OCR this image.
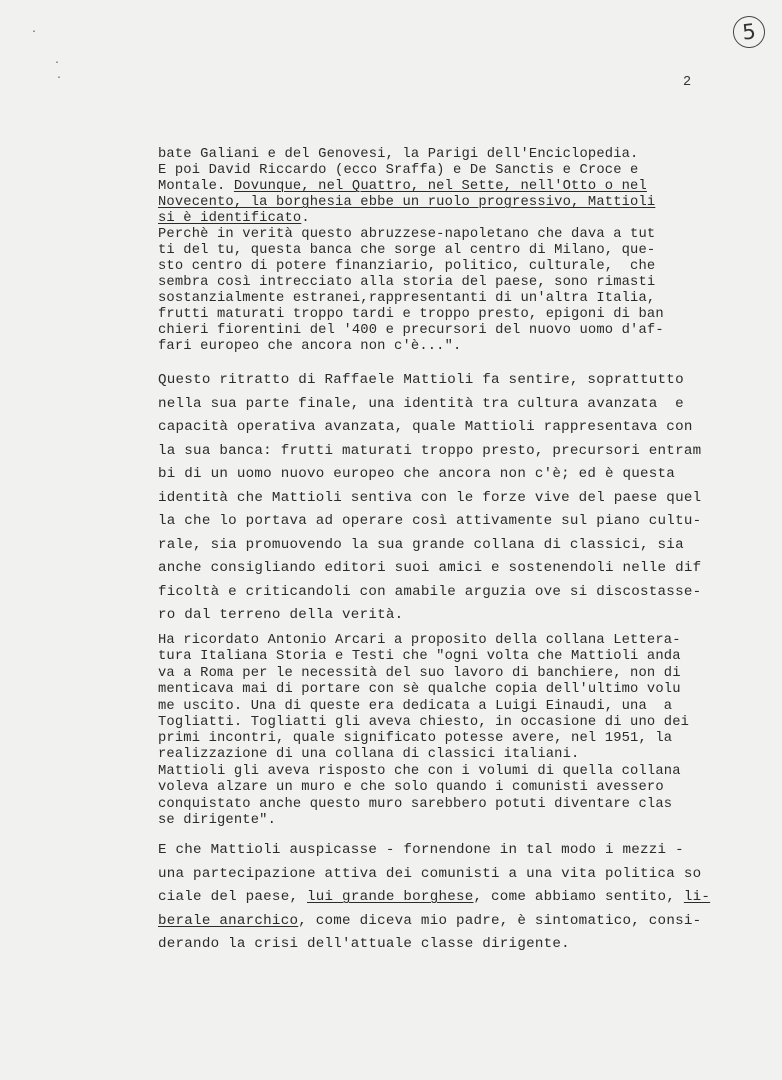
·
·
·
5
2
bate Galiani e del Genovesi, la Parigi dell'Enciclopedia.
E poi David Riccardo (ecco Sraffa) e De Sanctis e Croce e
Montale. Dovunque, nel Quattro, nel Sette, nell'Otto o nel
Novecento, la borghesia ebbe un ruolo progressivo, Mattioli
si è identificato.
Perchè in verità questo abruzzese-napoletano che dava a tut
ti del tu, questa banca che sorge al centro di Milano, que-
sto centro di potere finanziario, politico, culturale,  che
sembra così intrecciato alla storia del paese, sono rimasti
sostanzialmente estranei,rappresentanti di un'altra Italia,
frutti maturati troppo tardi e troppo presto, epigoni di ban
chieri fiorentini del '400 e precursori del nuovo uomo d'af-
fari europeo che ancora non c'è...".
Questo ritratto di Raffaele Mattioli fa sentire, soprattutto
nella sua parte finale, una identità tra cultura avanzata  e
capacità operativa avanzata, quale Mattioli rappresentava con
la sua banca: frutti maturati troppo presto, precursori entram
bi di un uomo nuovo europeo che ancora non c'è; ed è questa
identità che Mattioli sentiva con le forze vive del paese quel
la che lo portava ad operare così attivamente sul piano cultu-
rale, sia promuovendo la sua grande collana di classici, sia
anche consigliando editori suoi amici e sostenendoli nelle dif
ficoltà e criticandoli con amabile arguzia ove si discostasse-
ro dal terreno della verità.
Ha ricordato Antonio Arcari a proposito della collana Lettera-
tura Italiana Storia e Testi che "ogni volta che Mattioli anda
va a Roma per le necessità del suo lavoro di banchiere, non di
menticava mai di portare con sè qualche copia dell'ultimo volu
me uscito. Una di queste era dedicata a Luigi Einaudi, una  a
Togliatti. Togliatti gli aveva chiesto, in occasione di uno dei
primi incontri, quale significato potesse avere, nel 1951, la
realizzazione di una collana di classici italiani.
Mattioli gli aveva risposto che con i volumi di quella collana
voleva alzare un muro e che solo quando i comunisti avessero
conquistato anche questo muro sarebbero potuti diventare clas
se dirigente".
E che Mattioli auspicasse - fornendone in tal modo i mezzi -
una partecipazione attiva dei comunisti a una vita politica so
ciale del paese, lui grande borghese, come abbiamo sentito, li-
berale anarchico, come diceva mio padre, è sintomatico, consi-
derando la crisi dell'attuale classe dirigente.
